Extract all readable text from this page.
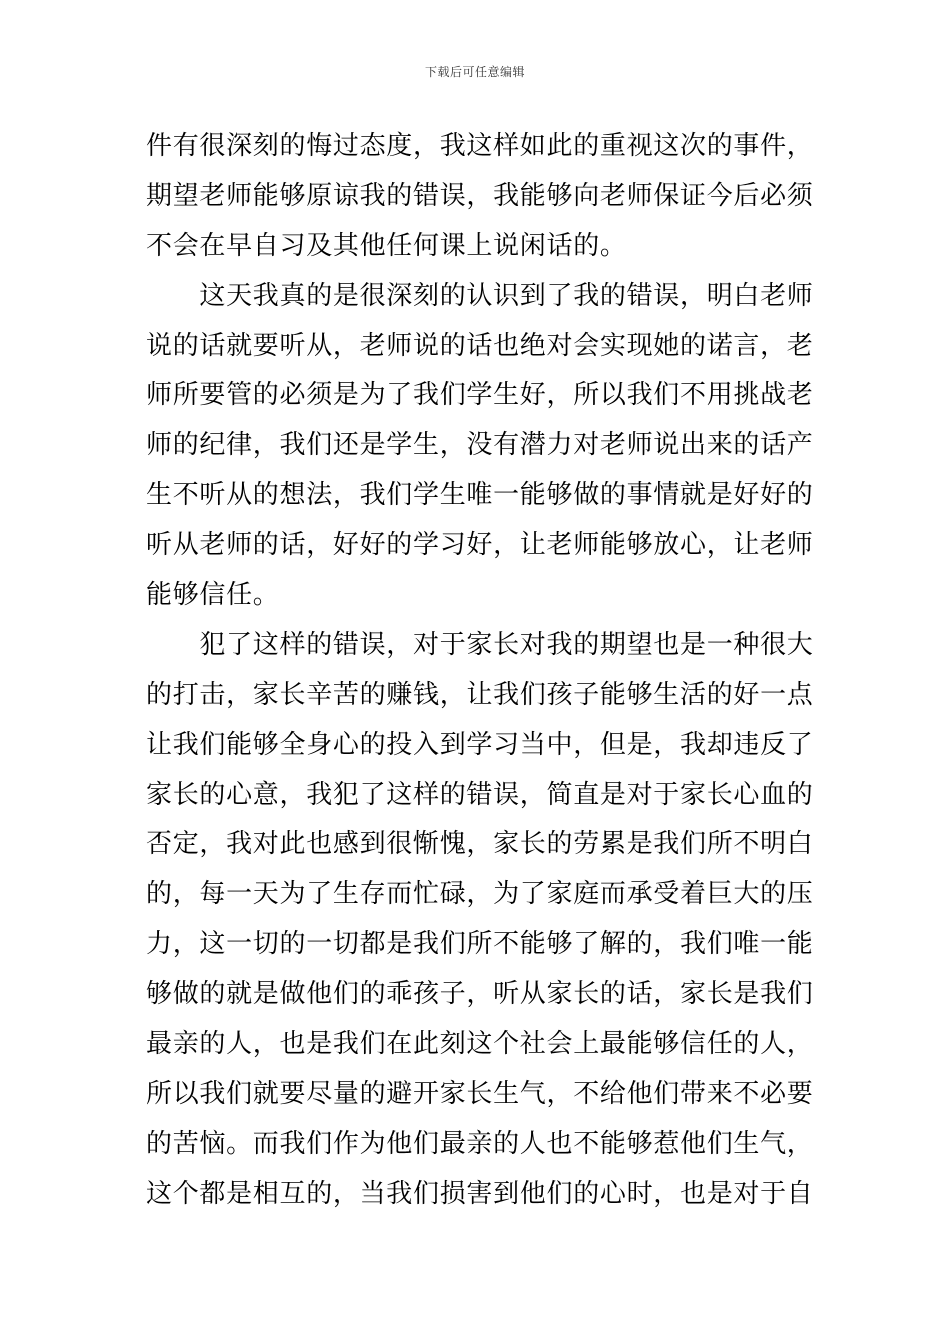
下载后可任意编辑
件有很深刻的悔过态度，我这样如此的重视这次的事件，
期望老师能够原谅我的错误，我能够向老师保证今后必须
不会在早自习及其他任何课上说闲话的。
　　这天我真的是很深刻的认识到了我的错误，明白老师
说的话就要听从，老师说的话也绝对会实现她的诺言，老
师所要管的必须是为了我们学生好，所以我们不用挑战老
师的纪律，我们还是学生，没有潜力对老师说出来的话产
生不听从的想法，我们学生唯一能够做的事情就是好好的
听从老师的话，好好的学习好，让老师能够放心，让老师
能够信任。
　　犯了这样的错误，对于家长对我的期望也是一种很大
的打击，家长辛苦的赚钱，让我们孩子能够生活的好一点
让我们能够全身心的投入到学习当中，但是，我却违反了
家长的心意，我犯了这样的错误，简直是对于家长心血的
否定，我对此也感到很惭愧，家长的劳累是我们所不明白
的，每一天为了生存而忙碌，为了家庭而承受着巨大的压
力，这一切的一切都是我们所不能够了解的，我们唯一能
够做的就是做他们的乖孩子，听从家长的话，家长是我们
最亲的人，也是我们在此刻这个社会上最能够信任的人，
所以我们就要尽量的避开家长生气，不给他们带来不必要
的苦恼。而我们作为他们最亲的人也不能够惹他们生气，
这个都是相互的，当我们损害到他们的心时，也是对于自
